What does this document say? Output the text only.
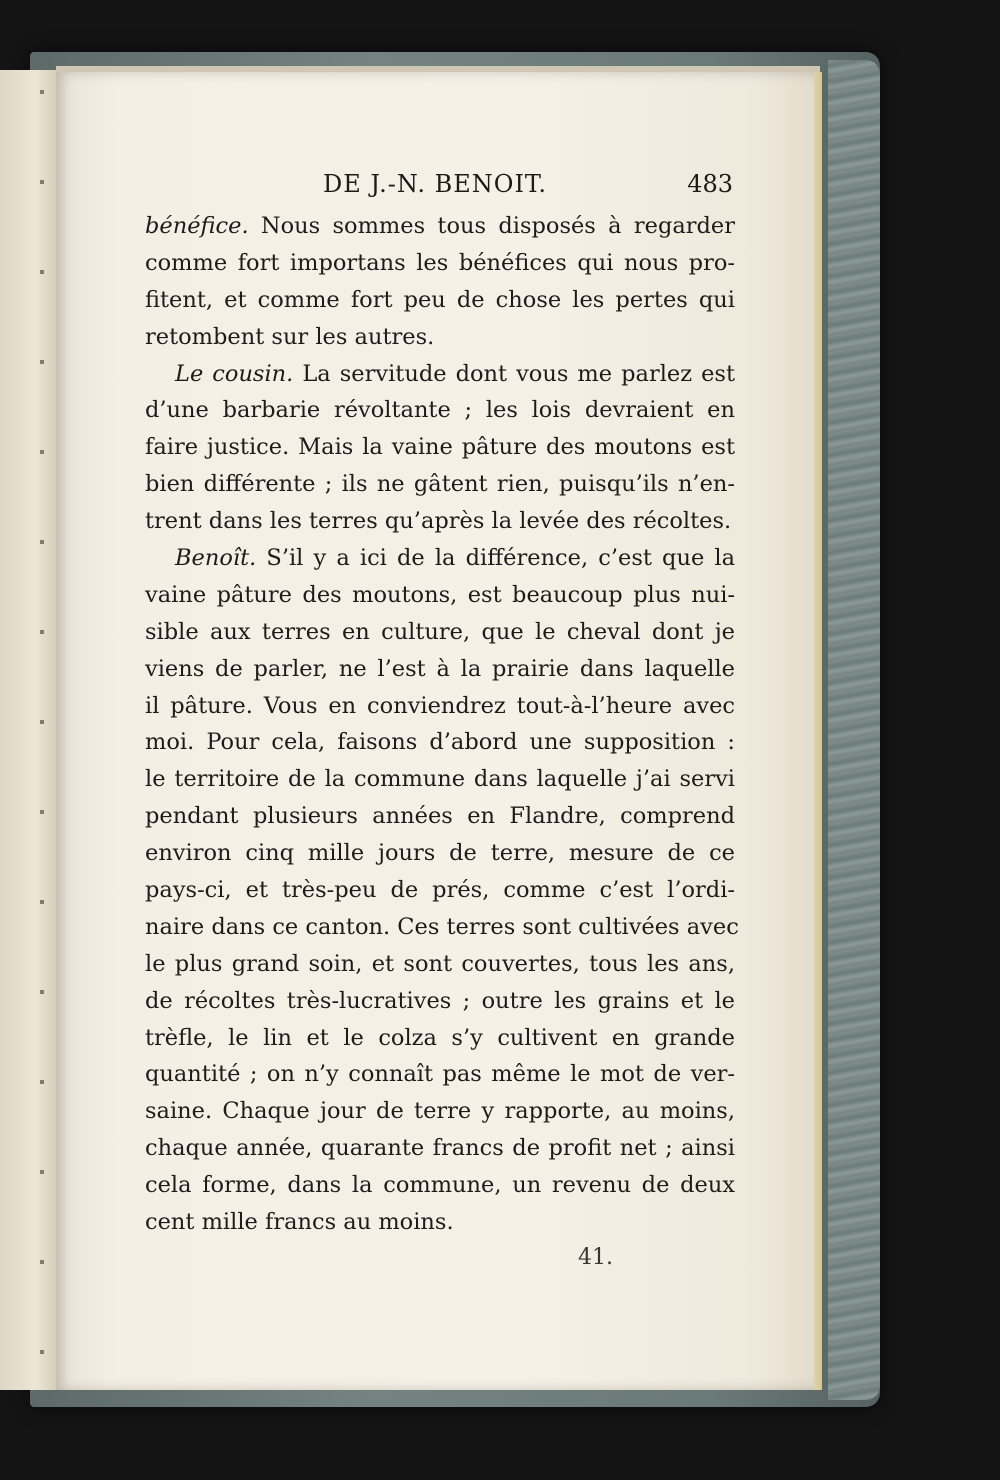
DE J.-N. BENOIT.	483
bénéfice. Nous sommes tous disposés à regarder
comme fort importans les bénéfices qui nous pro-
fitent, et comme fort peu de chose les pertes qui
retombent sur les autres.
Le cousin. La servitude dont vous me parlez est
d’une barbarie révoltante ; les lois devraient en
faire justice. Mais la vaine pâture des moutons est
bien différente ; ils ne gâtent rien, puisqu’ils n’en-
trent dans les terres qu’après la levée des récoltes.
Benoît. S’il y a ici de la différence, c’est que la
vaine pâture des moutons, est beaucoup plus nui-
sible aux terres en culture, que le cheval dont je
viens de parler, ne l’est à la prairie dans laquelle
il pâture. Vous en conviendrez tout-à-l’heure avec
moi. Pour cela, faisons d’abord une supposition :
le territoire de la commune dans laquelle j’ai servi
pendant plusieurs années en Flandre, comprend
environ cinq mille jours de terre, mesure de ce
pays-ci, et très-peu de prés, comme c’est l’ordi-
naire dans ce canton. Ces terres sont cultivées avec
le plus grand soin, et sont couvertes, tous les ans,
de récoltes très-lucratives ; outre les grains et le
trèfle, le lin et le colza s’y cultivent en grande
quantité ; on n’y connaît pas même le mot de ver-
saine. Chaque jour de terre y rapporte, au moins,
chaque année, quarante francs de profit net ; ainsi
cela forme, dans la commune, un revenu de deux
cent mille francs au moins.
41.
